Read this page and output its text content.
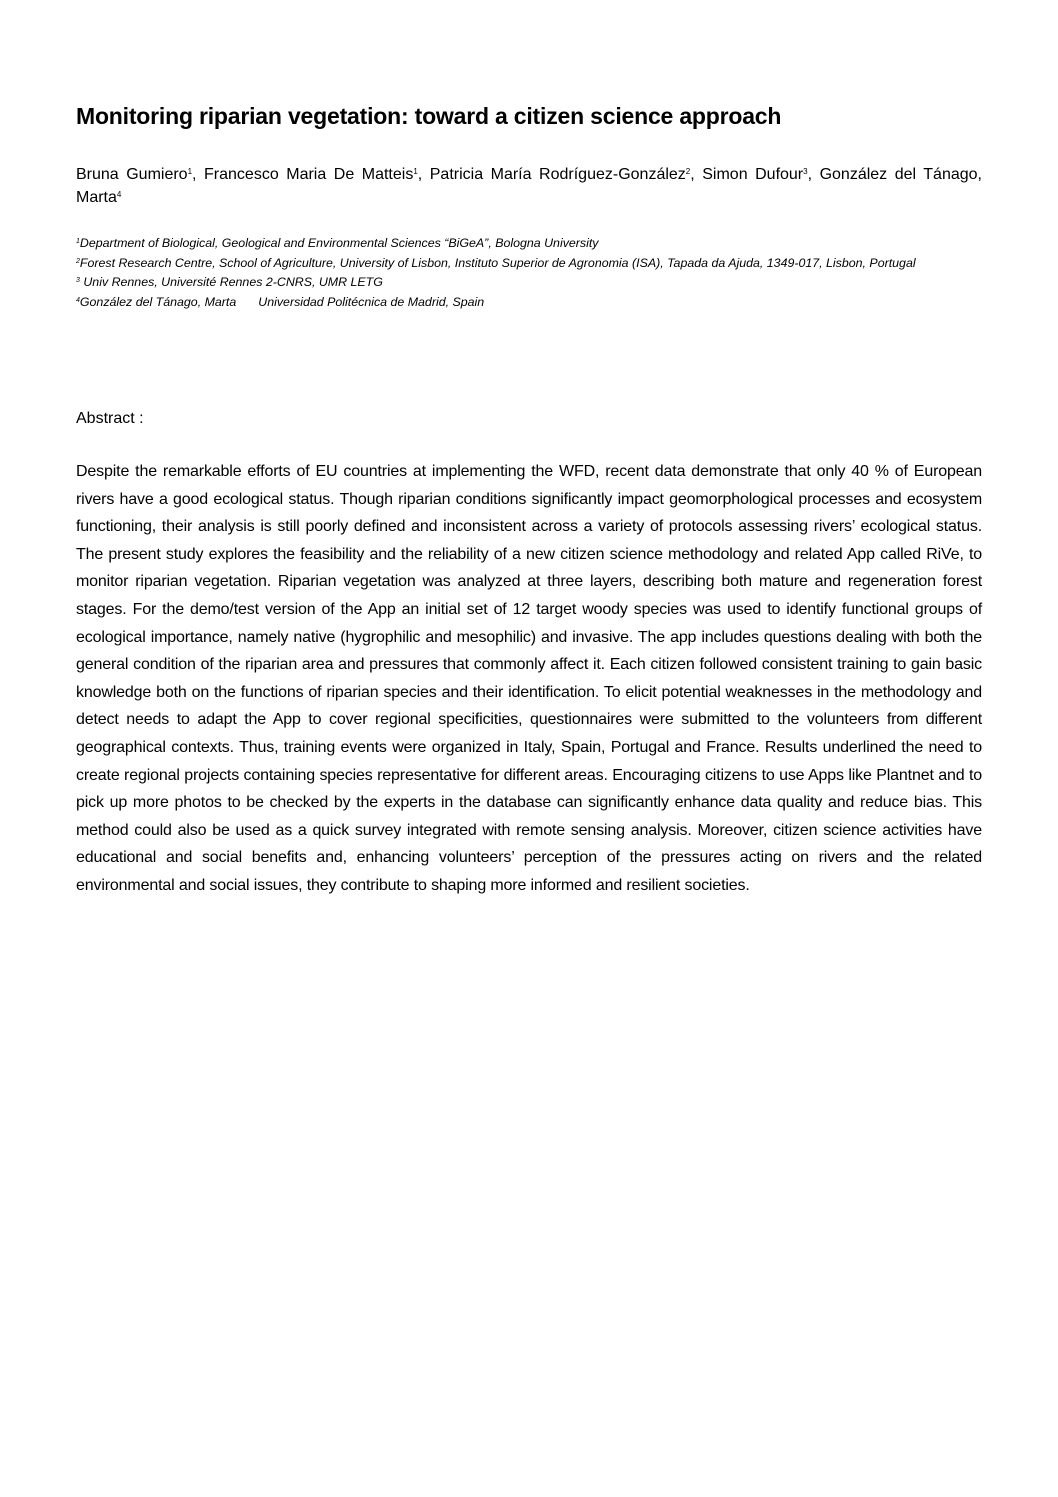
Monitoring riparian vegetation: toward a citizen science approach

Bruna Gumiero$^1$, Francesco Maria De Matteis$^1$, Patricia María Rodríguez-González$^2$, Simon Dufour$^3$, González del Tánago, Marta$^4$

$^1$Department of Biological, Geological and Environmental Sciences “BiGeA”, Bologna University

$^2$Forest Research Centre, School of Agriculture, University of Lisbon, Instituto Superior de Agronomia (ISA), Tapada da Ajuda, 1349-017, Lisbon, Portugal

$^3$ Univ Rennes, Université Rennes 2-CNRS, UMR LETG

$^4$González del Tánago, Marta Universidad Politécnica de Madrid, Spain

Abstract :

Despite the remarkable efforts of EU countries at implementing the WFD, recent data demonstrate that only 40 % of European rivers have a good ecological status. Though riparian conditions significantly impact geomorphological processes and ecosystem functioning, their analysis is still poorly defined and inconsistent across a variety of protocols assessing rivers’ ecological status. The present study explores the feasibility and the reliability of a new citizen science methodology and related App called RiVe, to monitor riparian vegetation. Riparian vegetation was analyzed at three layers, describing both mature and regeneration forest stages. For the demo/test version of the App an initial set of 12 target woody species was used to identify functional groups of ecological importance, namely native (hygrophilic and mesophilic) and invasive. The app includes questions dealing with both the general condition of the riparian area and pressures that commonly affect it. Each citizen followed consistent training to gain basic knowledge both on the functions of riparian species and their identification. To elicit potential weaknesses in the methodology and detect needs to adapt the App to cover regional specificities, questionnaires were submitted to the volunteers from different geographical contexts. Thus, training events were organized in Italy, Spain, Portugal and France. Results underlined the need to create regional projects containing species representative for different areas. Encouraging citizens to use Apps like Plantnet and to pick up more photos to be checked by the experts in the database can significantly enhance data quality and reduce bias. This method could also be used as a quick survey integrated with remote sensing analysis. Moreover, citizen science activities have educational and social benefits and, enhancing volunteers’ perception of the pressures acting on rivers and the related environmental and social issues, they contribute to shaping more informed and resilient societies.
